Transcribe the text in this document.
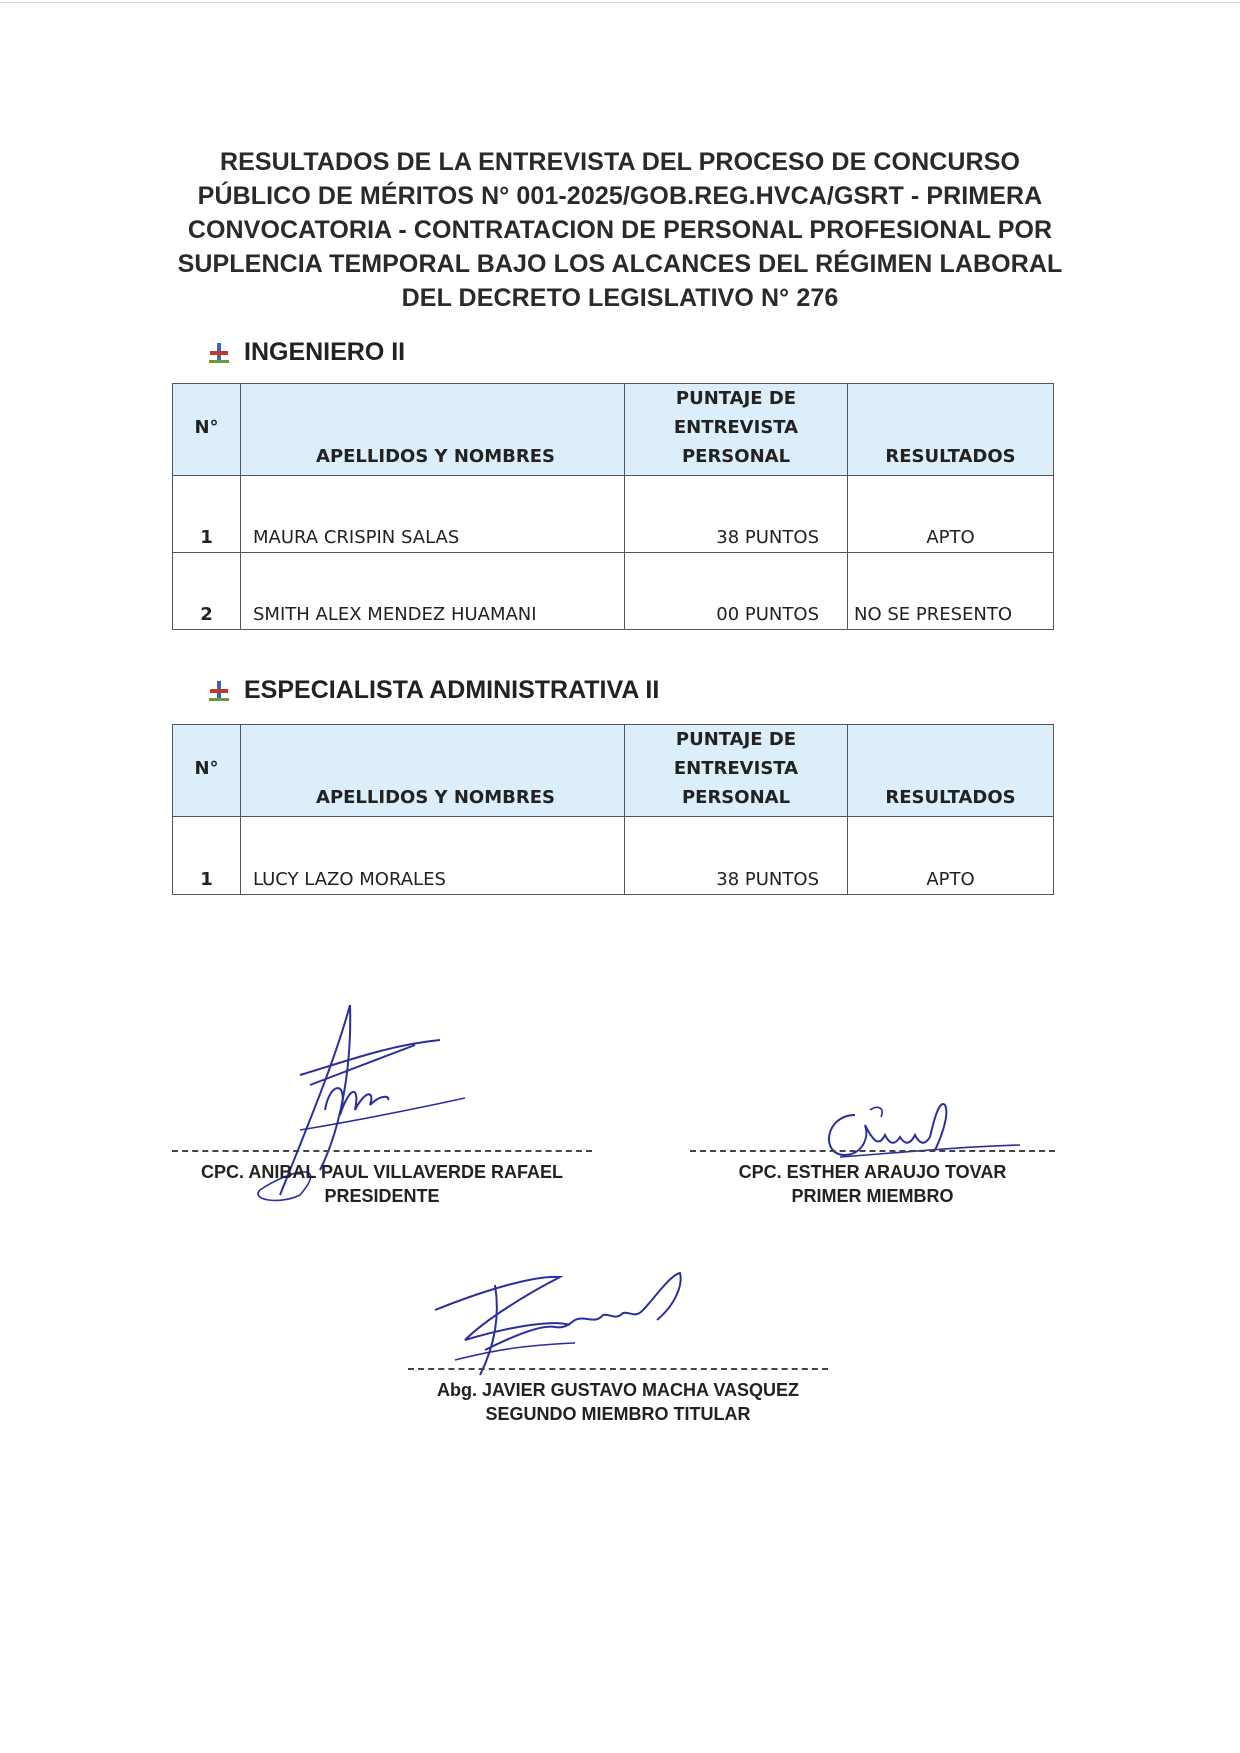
RESULTADOS DE LA ENTREVISTA DEL PROCESO DE CONCURSO
PÚBLICO DE MÉRITOS N° 001-2025/GOB.REG.HVCA/GSRT - PRIMERA
CONVOCATORIA - CONTRATACION DE PERSONAL PROFESIONAL POR
SUPLENCIA TEMPORAL BAJO LOS ALCANCES DEL RÉGIMEN LABORAL
DEL DECRETO LEGISLATIVO N° 276
INGENIERO II
N°	APELLIDOS Y NOMBRES	PUNTAJE DE
ENTREVISTA
PERSONAL	RESULTADOS
1	MAURA CRISPIN SALAS	38 PUNTOS	APTO
2	SMITH ALEX MENDEZ HUAMANI	00 PUNTOS	NO SE PRESENTO
ESPECIALISTA ADMINISTRATIVA II
N°	APELLIDOS Y NOMBRES	PUNTAJE DE
ENTREVISTA
PERSONAL	RESULTADOS
1	LUCY LAZO MORALES	38 PUNTOS	APTO
CPC. ANIBAL PAUL VILLAVERDE RAFAEL
PRESIDENTE
CPC. ESTHER ARAUJO TOVAR
PRIMER MIEMBRO
Abg. JAVIER GUSTAVO MACHA VASQUEZ
SEGUNDO MIEMBRO TITULAR
